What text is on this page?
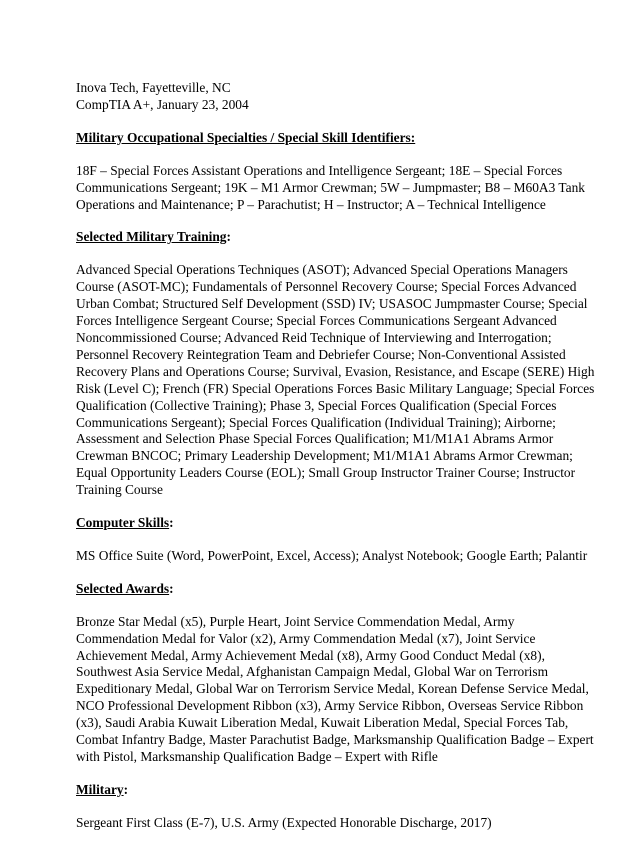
Inova Tech, Fayetteville, NC
CompTIA A+, January 23, 2004
Military Occupational Specialties / Special Skill Identifiers:
18F – Special Forces Assistant Operations and Intelligence Sergeant; 18E – Special Forces
Communications Sergeant; 19K – M1 Armor Crewman; 5W – Jumpmaster; B8 – M60A3 Tank
Operations and Maintenance; P – Parachutist; H – Instructor; A – Technical Intelligence
Selected Military Training:
Advanced Special Operations Techniques (ASOT); Advanced Special Operations Managers
Course (ASOT-MC); Fundamentals of Personnel Recovery Course; Special Forces Advanced
Urban Combat; Structured Self Development (SSD) IV; USASOC Jumpmaster Course; Special
Forces Intelligence Sergeant Course; Special Forces Communications Sergeant Advanced
Noncommissioned Course; Advanced Reid Technique of Interviewing and Interrogation;
Personnel Recovery Reintegration Team and Debriefer Course; Non-Conventional Assisted
Recovery Plans and Operations Course; Survival, Evasion, Resistance, and Escape (SERE) High
Risk (Level C); French (FR) Special Operations Forces Basic Military Language; Special Forces
Qualification (Collective Training); Phase 3, Special Forces Qualification (Special Forces
Communications Sergeant); Special Forces Qualification (Individual Training); Airborne;
Assessment and Selection Phase Special Forces Qualification; M1/M1A1 Abrams Armor
Crewman BNCOC; Primary Leadership Development; M1/M1A1 Abrams Armor Crewman;
Equal Opportunity Leaders Course (EOL); Small Group Instructor Trainer Course; Instructor
Training Course
Computer Skills:
MS Office Suite (Word, PowerPoint, Excel, Access); Analyst Notebook; Google Earth; Palantir
Selected Awards:
Bronze Star Medal (x5), Purple Heart, Joint Service Commendation Medal, Army
Commendation Medal for Valor (x2), Army Commendation Medal (x7), Joint Service
Achievement Medal, Army Achievement Medal (x8), Army Good Conduct Medal (x8),
Southwest Asia Service Medal, Afghanistan Campaign Medal, Global War on Terrorism
Expeditionary Medal, Global War on Terrorism Service Medal, Korean Defense Service Medal,
NCO Professional Development Ribbon (x3), Army Service Ribbon, Overseas Service Ribbon
(x3), Saudi Arabia Kuwait Liberation Medal, Kuwait Liberation Medal, Special Forces Tab,
Combat Infantry Badge, Master Parachutist Badge, Marksmanship Qualification Badge – Expert
with Pistol, Marksmanship Qualification Badge – Expert with Rifle
Military:
Sergeant First Class (E-7), U.S. Army (Expected Honorable Discharge, 2017)
